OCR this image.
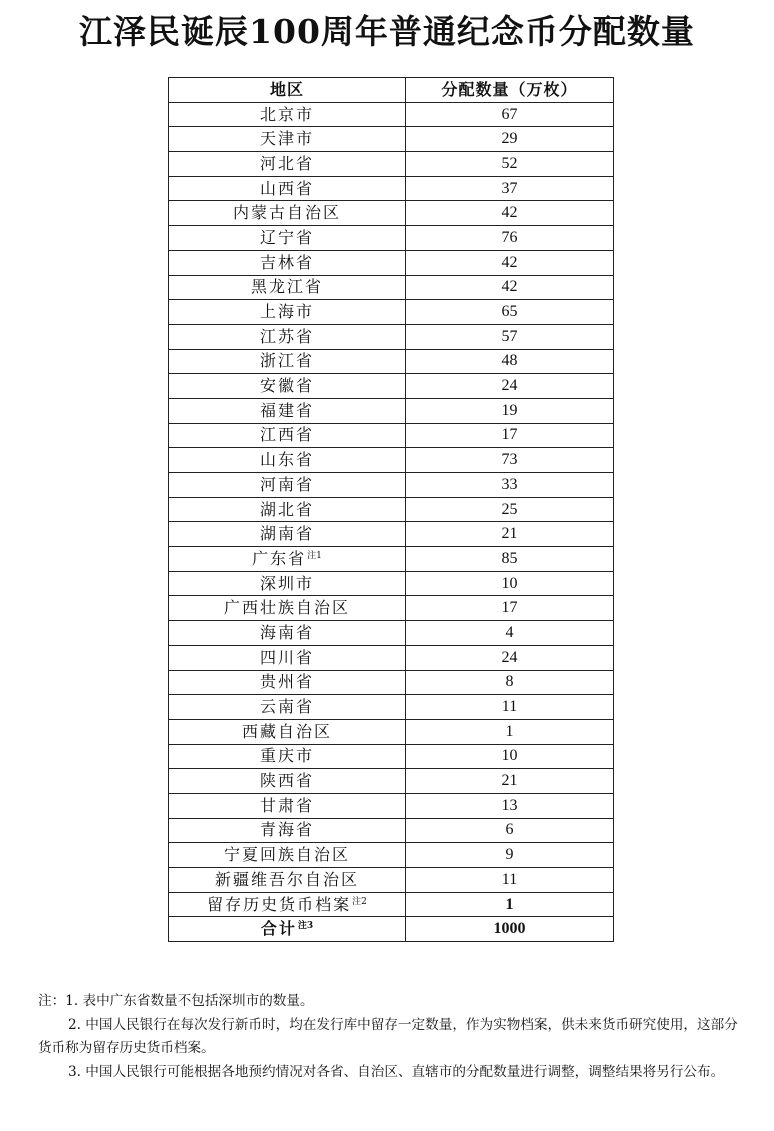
江泽民诞辰100周年普通纪念币分配数量
地区	分配数量（万枚）
北京市	67
天津市	29
河北省	52
山西省	37
内蒙古自治区	42
辽宁省	76
吉林省	42
黑龙江省	42
上海市	65
江苏省	57
浙江省	48
安徽省	24
福建省	19
江西省	17
山东省	73
河南省	33
湖北省	25
湖南省	21
广东省$^{注1}$	85
深圳市	10
广西壮族自治区	17
海南省	4
四川省	24
贵州省	8
云南省	11
西藏自治区	1
重庆市	10
陕西省	21
甘肃省	13
青海省	6
宁夏回族自治区	9
新疆维吾尔自治区	11
留存历史货币档案$^{注2}$	1
合计$^{注3}$	1000

注：1. 表中广东省数量不包括深圳市的数量。

2. 中国人民银行在每次发行新币时，均在发行库中留存一定数量，作为实物档案，供未来货币研究使用，这部分货币称为留存历史货币档案。

3. 中国人民银行可能根据各地预约情况对各省、自治区、直辖市的分配数量进行调整，调整结果将另行公布。
